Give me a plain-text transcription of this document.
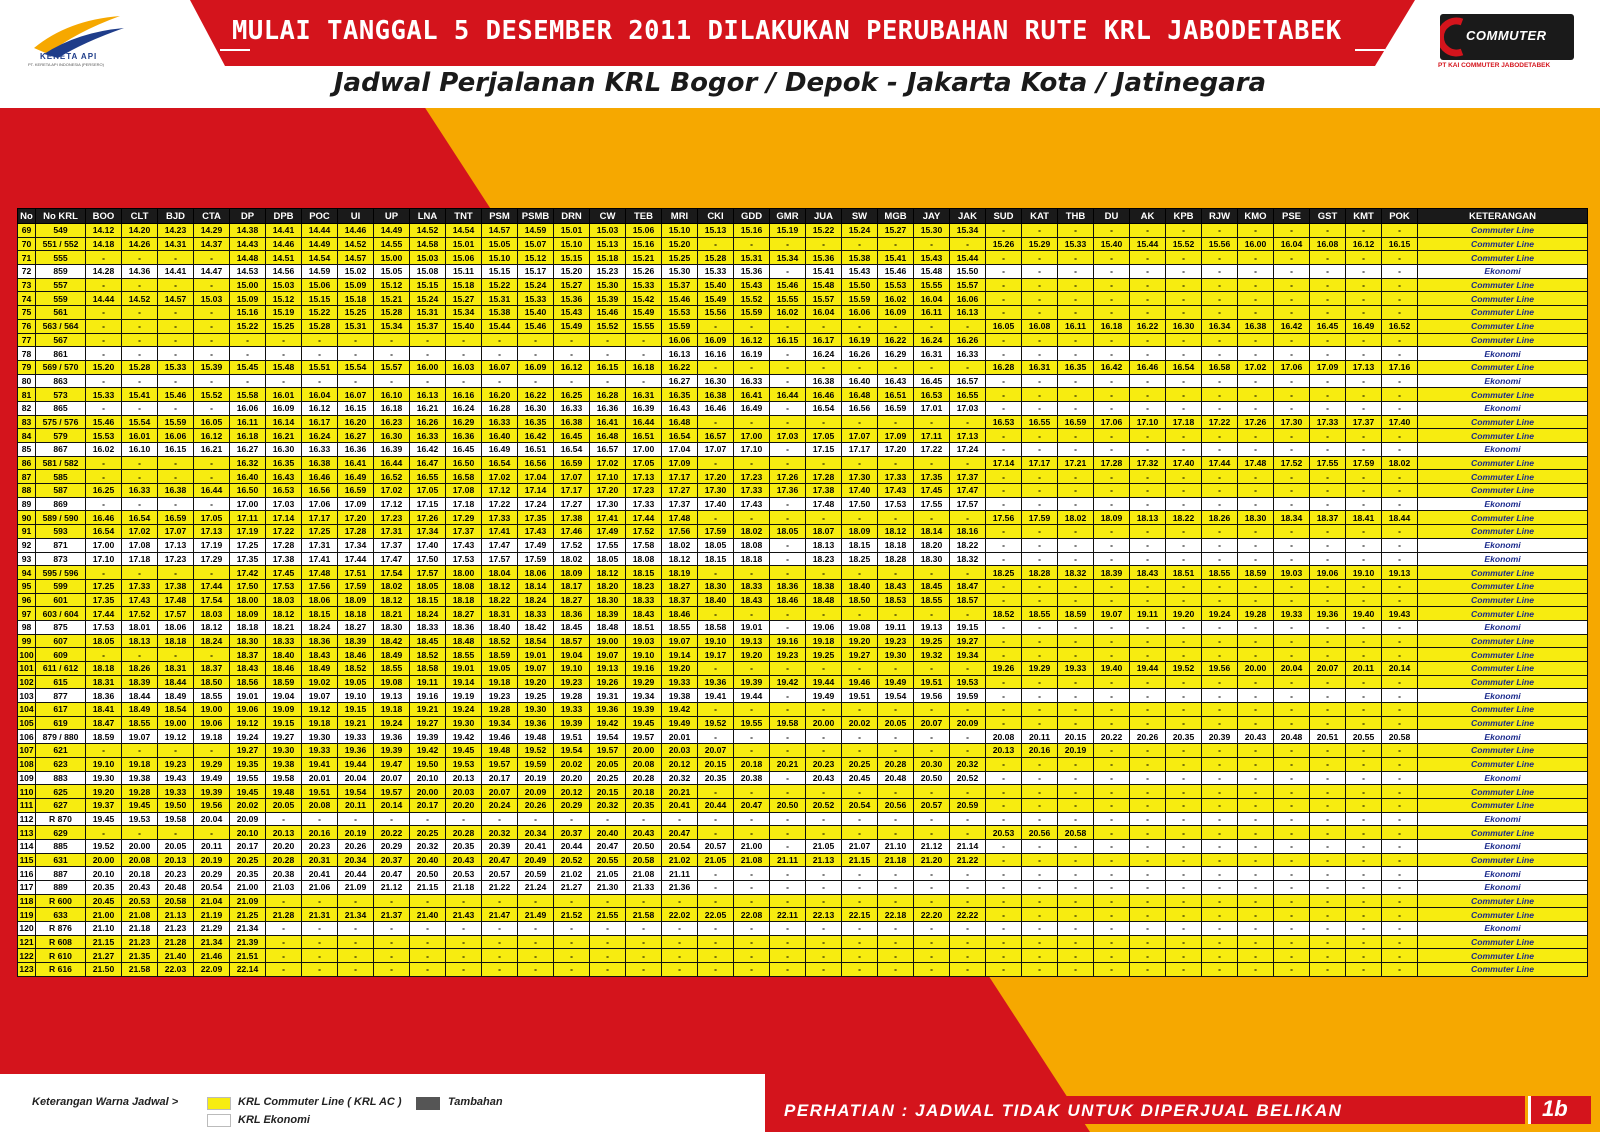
MULAI TANGGAL 5 DESEMBER 2011 DILAKUKAN PERUBAHAN RUTE KRL JABODETABEK
Jadwal Perjalanan KRL Bogor / Depok - Jakarta Kota / Jatinegara
KERETA API
PT. KERETA API INDONESIA (PERSERO)
COMMUTER
PT KAI COMMUTER JABODETABEK
No	No KRL	BOO	CLT	BJD	CTA	DP	DPB	POC	UI	UP	LNA	TNT	PSM	PSMB	DRN	CW	TEB	MRI	CKI	GDD	GMR	JUA	SW	MGB	JAY	JAK	SUD	KAT	THB	DU	AK	KPB	RJW	KMO	PSE	GST	KMT	POK		KETERANGAN
69	549	14.12	14.20	14.23	14.29	14.38	14.41	14.44	14.46	14.49	14.52	14.54	14.57	14.59	15.01	15.03	15.06	15.10	15.13	15.16	15.19	15.22	15.24	15.27	15.30	15.34	-	-	-	-	-	-	-	-	-	-	-	-		Commuter Line
70	551 / 552	14.18	14.26	14.31	14.37	14.43	14.46	14.49	14.52	14.55	14.58	15.01	15.05	15.07	15.10	15.13	15.16	15.20	-	-	-	-	-	-	-	-	15.26	15.29	15.33	15.40	15.44	15.52	15.56	16.00	16.04	16.08	16.12	16.15		Commuter Line
71	555	-	-	-	-	14.48	14.51	14.54	14.57	15.00	15.03	15.06	15.10	15.12	15.15	15.18	15.21	15.25	15.28	15.31	15.34	15.36	15.38	15.41	15.43	15.44	-	-	-	-	-	-	-	-	-	-	-	-		Commuter Line
72	859	14.28	14.36	14.41	14.47	14.53	14.56	14.59	15.02	15.05	15.08	15.11	15.15	15.17	15.20	15.23	15.26	15.30	15.33	15.36	-	15.41	15.43	15.46	15.48	15.50	-	-	-	-	-	-	-	-	-	-	-	-		Ekonomi
73	557	-	-	-	-	15.00	15.03	15.06	15.09	15.12	15.15	15.18	15.22	15.24	15.27	15.30	15.33	15.37	15.40	15.43	15.46	15.48	15.50	15.53	15.55	15.57	-	-	-	-	-	-	-	-	-	-	-	-		Commuter Line
74	559	14.44	14.52	14.57	15.03	15.09	15.12	15.15	15.18	15.21	15.24	15.27	15.31	15.33	15.36	15.39	15.42	15.46	15.49	15.52	15.55	15.57	15.59	16.02	16.04	16.06	-	-	-	-	-	-	-	-	-	-	-	-		Commuter Line
75	561	-	-	-	-	15.16	15.19	15.22	15.25	15.28	15.31	15.34	15.38	15.40	15.43	15.46	15.49	15.53	15.56	15.59	16.02	16.04	16.06	16.09	16.11	16.13	-	-	-	-	-	-	-	-	-	-	-	-		Commuter Line
76	563 / 564	-	-	-	-	15.22	15.25	15.28	15.31	15.34	15.37	15.40	15.44	15.46	15.49	15.52	15.55	15.59	-	-	-	-	-	-	-	-	16.05	16.08	16.11	16.18	16.22	16.30	16.34	16.38	16.42	16.45	16.49	16.52		Commuter Line
77	567	-	-	-	-	-	-	-	-	-	-	-	-	-	-	-	-	16.06	16.09	16.12	16.15	16.17	16.19	16.22	16.24	16.26	-	-	-	-	-	-	-	-	-	-	-	-		Commuter Line
78	861	-	-	-	-	-	-	-	-	-	-	-	-	-	-	-	-	16.13	16.16	16.19	-	16.24	16.26	16.29	16.31	16.33	-	-	-	-	-	-	-	-	-	-	-	-		Ekonomi
79	569 / 570	15.20	15.28	15.33	15.39	15.45	15.48	15.51	15.54	15.57	16.00	16.03	16.07	16.09	16.12	16.15	16.18	16.22	-	-	-	-	-	-	-	-	16.28	16.31	16.35	16.42	16.46	16.54	16.58	17.02	17.06	17.09	17.13	17.16		Commuter Line
80	863	-	-	-	-	-	-	-	-	-	-	-	-	-	-	-	-	16.27	16.30	16.33	-	16.38	16.40	16.43	16.45	16.57	-	-	-	-	-	-	-	-	-	-	-	-		Ekonomi
81	573	15.33	15.41	15.46	15.52	15.58	16.01	16.04	16.07	16.10	16.13	16.16	16.20	16.22	16.25	16.28	16.31	16.35	16.38	16.41	16.44	16.46	16.48	16.51	16.53	16.55	-	-	-	-	-	-	-	-	-	-	-	-		Commuter Line
82	865	-	-	-	-	16.06	16.09	16.12	16.15	16.18	16.21	16.24	16.28	16.30	16.33	16.36	16.39	16.43	16.46	16.49	-	16.54	16.56	16.59	17.01	17.03	-	-	-	-	-	-	-	-	-	-	-	-		Ekonomi
83	575 / 576	15.46	15.54	15.59	16.05	16.11	16.14	16.17	16.20	16.23	16.26	16.29	16.33	16.35	16.38	16.41	16.44	16.48	-	-	-	-	-	-	-	-	16.53	16.55	16.59	17.06	17.10	17.18	17.22	17.26	17.30	17.33	17.37	17.40		Commuter Line
84	579	15.53	16.01	16.06	16.12	16.18	16.21	16.24	16.27	16.30	16.33	16.36	16.40	16.42	16.45	16.48	16.51	16.54	16.57	17.00	17.03	17.05	17.07	17.09	17.11	17.13	-	-	-	-	-	-	-	-	-	-	-	-		Commuter Line
85	867	16.02	16.10	16.15	16.21	16.27	16.30	16.33	16.36	16.39	16.42	16.45	16.49	16.51	16.54	16.57	17.00	17.04	17.07	17.10	-	17.15	17.17	17.20	17.22	17.24	-	-	-	-	-	-	-	-	-	-	-	-		Ekonomi
86	581 / 582	-	-	-	-	16.32	16.35	16.38	16.41	16.44	16.47	16.50	16.54	16.56	16.59	17.02	17.05	17.09	-	-	-	-	-	-	-	-	17.14	17.17	17.21	17.28	17.32	17.40	17.44	17.48	17.52	17.55	17.59	18.02		Commuter Line
87	585	-	-	-	-	16.40	16.43	16.46	16.49	16.52	16.55	16.58	17.02	17.04	17.07	17.10	17.13	17.17	17.20	17.23	17.26	17.28	17.30	17.33	17.35	17.37	-	-	-	-	-	-	-	-	-	-	-	-		Commuter Line
88	587	16.25	16.33	16.38	16.44	16.50	16.53	16.56	16.59	17.02	17.05	17.08	17.12	17.14	17.17	17.20	17.23	17.27	17.30	17.33	17.36	17.38	17.40	17.43	17.45	17.47	-	-	-	-	-	-	-	-	-	-	-	-		Commuter Line
89	869	-	-	-	-	17.00	17.03	17.06	17.09	17.12	17.15	17.18	17.22	17.24	17.27	17.30	17.33	17.37	17.40	17.43	-	17.48	17.50	17.53	17.55	17.57	-	-	-	-	-	-	-	-	-	-	-	-		Ekonomi
90	589 / 590	16.46	16.54	16.59	17.05	17.11	17.14	17.17	17.20	17.23	17.26	17.29	17.33	17.35	17.38	17.41	17.44	17.48	-	-	-	-	-	-	-	-	17.56	17.59	18.02	18.09	18.13	18.22	18.26	18.30	18.34	18.37	18.41	18.44		Commuter Line
91	593	16.54	17.02	17.07	17.13	17.19	17.22	17.25	17.28	17.31	17.34	17.37	17.41	17.43	17.46	17.49	17.52	17.56	17.59	18.02	18.05	18.07	18.09	18.12	18.14	18.16	-	-	-	-	-	-	-	-	-	-	-	-		Commuter Line
92	871	17.00	17.08	17.13	17.19	17.25	17.28	17.31	17.34	17.37	17.40	17.43	17.47	17.49	17.52	17.55	17.58	18.02	18.05	18.08	-	18.13	18.15	18.18	18.20	18.22	-	-	-	-	-	-	-	-	-	-	-	-		Ekonomi
93	873	17.10	17.18	17.23	17.29	17.35	17.38	17.41	17.44	17.47	17.50	17.53	17.57	17.59	18.02	18.05	18.08	18.12	18.15	18.18	-	18.23	18.25	18.28	18.30	18.32	-	-	-	-	-	-	-	-	-	-	-	-		Ekonomi
94	595 / 596	-	-	-	-	17.42	17.45	17.48	17.51	17.54	17.57	18.00	18.04	18.06	18.09	18.12	18.15	18.19	-	-	-	-	-	-	-	-	18.25	18.28	18.32	18.39	18.43	18.51	18.55	18.59	19.03	19.06	19.10	19.13		Commuter Line
95	599	17.25	17.33	17.38	17.44	17.50	17.53	17.56	17.59	18.02	18.05	18.08	18.12	18.14	18.17	18.20	18.23	18.27	18.30	18.33	18.36	18.38	18.40	18.43	18.45	18.47	-	-	-	-	-	-	-	-	-	-	-	-		Commuter Line
96	601	17.35	17.43	17.48	17.54	18.00	18.03	18.06	18.09	18.12	18.15	18.18	18.22	18.24	18.27	18.30	18.33	18.37	18.40	18.43	18.46	18.48	18.50	18.53	18.55	18.57	-	-	-	-	-	-	-	-	-	-	-	-		Commuter Line
97	603 / 604	17.44	17.52	17.57	18.03	18.09	18.12	18.15	18.18	18.21	18.24	18.27	18.31	18.33	18.36	18.39	18.43	18.46	-	-	-	-	-	-	-	-	18.52	18.55	18.59	19.07	19.11	19.20	19.24	19.28	19.33	19.36	19.40	19.43		Commuter Line
98	875	17.53	18.01	18.06	18.12	18.18	18.21	18.24	18.27	18.30	18.33	18.36	18.40	18.42	18.45	18.48	18.51	18.55	18.58	19.01	-	19.06	19.08	19.11	19.13	19.15	-	-	-	-	-	-	-	-	-	-	-	-		Ekonomi
99	607	18.05	18.13	18.18	18.24	18.30	18.33	18.36	18.39	18.42	18.45	18.48	18.52	18.54	18.57	19.00	19.03	19.07	19.10	19.13	19.16	19.18	19.20	19.23	19.25	19.27	-	-	-	-	-	-	-	-	-	-	-	-		Commuter Line
100	609	-	-	-	-	18.37	18.40	18.43	18.46	18.49	18.52	18.55	18.59	19.01	19.04	19.07	19.10	19.14	19.17	19.20	19.23	19.25	19.27	19.30	19.32	19.34	-	-	-	-	-	-	-	-	-	-	-	-		Commuter Line
101	611 / 612	18.18	18.26	18.31	18.37	18.43	18.46	18.49	18.52	18.55	18.58	19.01	19.05	19.07	19.10	19.13	19.16	19.20	-	-	-	-	-	-	-	-	19.26	19.29	19.33	19.40	19.44	19.52	19.56	20.00	20.04	20.07	20.11	20.14		Commuter Line
102	615	18.31	18.39	18.44	18.50	18.56	18.59	19.02	19.05	19.08	19.11	19.14	19.18	19.20	19.23	19.26	19.29	19.33	19.36	19.39	19.42	19.44	19.46	19.49	19.51	19.53	-	-	-	-	-	-	-	-	-	-	-	-		Commuter Line
103	877	18.36	18.44	18.49	18.55	19.01	19.04	19.07	19.10	19.13	19.16	19.19	19.23	19.25	19.28	19.31	19.34	19.38	19.41	19.44	-	19.49	19.51	19.54	19.56	19.59	-	-	-	-	-	-	-	-	-	-	-	-		Ekonomi
104	617	18.41	18.49	18.54	19.00	19.06	19.09	19.12	19.15	19.18	19.21	19.24	19.28	19.30	19.33	19.36	19.39	19.42	-	-	-	-	-	-	-	-	-	-	-	-	-	-	-	-	-	-	-	-		Commuter Line
105	619	18.47	18.55	19.00	19.06	19.12	19.15	19.18	19.21	19.24	19.27	19.30	19.34	19.36	19.39	19.42	19.45	19.49	19.52	19.55	19.58	20.00	20.02	20.05	20.07	20.09	-	-	-	-	-	-	-	-	-	-	-	-		Commuter Line
106	879 / 880	18.59	19.07	19.12	19.18	19.24	19.27	19.30	19.33	19.36	19.39	19.42	19.46	19.48	19.51	19.54	19.57	20.01	-	-	-	-	-	-	-	-	20.08	20.11	20.15	20.22	20.26	20.35	20.39	20.43	20.48	20.51	20.55	20.58		Ekonomi
107	621	-	-	-	-	19.27	19.30	19.33	19.36	19.39	19.42	19.45	19.48	19.52	19.54	19.57	20.00	20.03	20.07	-	-	-	-	-	-	-	20.13	20.16	20.19	-	-	-	-	-	-	-	-	-		Commuter Line
108	623	19.10	19.18	19.23	19.29	19.35	19.38	19.41	19.44	19.47	19.50	19.53	19.57	19.59	20.02	20.05	20.08	20.12	20.15	20.18	20.21	20.23	20.25	20.28	20.30	20.32	-	-	-	-	-	-	-	-	-	-	-	-		Commuter Line
109	883	19.30	19.38	19.43	19.49	19.55	19.58	20.01	20.04	20.07	20.10	20.13	20.17	20.19	20.20	20.25	20.28	20.32	20.35	20.38	-	20.43	20.45	20.48	20.50	20.52	-	-	-	-	-	-	-	-	-	-	-	-		Ekonomi
110	625	19.20	19.28	19.33	19.39	19.45	19.48	19.51	19.54	19.57	20.00	20.03	20.07	20.09	20.12	20.15	20.18	20.21	-	-	-	-	-	-	-	-	-	-	-	-	-	-	-	-	-	-	-	-		Commuter Line
111	627	19.37	19.45	19.50	19.56	20.02	20.05	20.08	20.11	20.14	20.17	20.20	20.24	20.26	20.29	20.32	20.35	20.41	20.44	20.47	20.50	20.52	20.54	20.56	20.57	20.59	-	-	-	-	-	-	-	-	-	-	-	-		Commuter Line
112	R 870	19.45	19.53	19.58	20.04	20.09	-	-	-	-	-	-	-	-	-	-	-	-	-	-	-	-	-	-	-	-	-	-	-	-	-	-	-	-	-	-	-	-		Ekonomi
113	629	-	-	-	-	20.10	20.13	20.16	20.19	20.22	20.25	20.28	20.32	20.34	20.37	20.40	20.43	20.47	-	-	-	-	-	-	-	-	20.53	20.56	20.58	-	-	-	-	-	-	-	-	-		Commuter Line
114	885	19.52	20.00	20.05	20.11	20.17	20.20	20.23	20.26	20.29	20.32	20.35	20.39	20.41	20.44	20.47	20.50	20.54	20.57	21.00	-	21.05	21.07	21.10	21.12	21.14	-	-	-	-	-	-	-	-	-	-	-	-		Ekonomi
115	631	20.00	20.08	20.13	20.19	20.25	20.28	20.31	20.34	20.37	20.40	20.43	20.47	20.49	20.52	20.55	20.58	21.02	21.05	21.08	21.11	21.13	21.15	21.18	21.20	21.22	-	-	-	-	-	-	-	-	-	-	-	-		Commuter Line
116	887	20.10	20.18	20.23	20.29	20.35	20.38	20.41	20.44	20.47	20.50	20.53	20.57	20.59	21.02	21.05	21.08	21.11	-	-	-	-	-	-	-	-	-	-	-	-	-	-	-	-	-	-	-	-		Ekonomi
117	889	20.35	20.43	20.48	20.54	21.00	21.03	21.06	21.09	21.12	21.15	21.18	21.22	21.24	21.27	21.30	21.33	21.36	-	-	-	-	-	-	-	-	-	-	-	-	-	-	-	-	-	-	-	-		Ekonomi
118	R 600	20.45	20.53	20.58	21.04	21.09	-	-	-	-	-	-	-	-	-	-	-	-	-	-	-	-	-	-	-	-	-	-	-	-	-	-	-	-	-	-	-	-		Commuter Line
119	633	21.00	21.08	21.13	21.19	21.25	21.28	21.31	21.34	21.37	21.40	21.43	21.47	21.49	21.52	21.55	21.58	22.02	22.05	22.08	22.11	22.13	22.15	22.18	22.20	22.22	-	-	-	-	-	-	-	-	-	-	-	-		Commuter Line
120	R 876	21.10	21.18	21.23	21.29	21.34	-	-	-	-	-	-	-	-	-	-	-	-	-	-	-	-	-	-	-	-	-	-	-	-	-	-	-	-	-	-	-	-		Ekonomi
121	R 608	21.15	21.23	21.28	21.34	21.39	-	-	-	-	-	-	-	-	-	-	-	-	-	-	-	-	-	-	-	-	-	-	-	-	-	-	-	-	-	-	-	-		Commuter Line
122	R 610	21.27	21.35	21.40	21.46	21.51	-	-	-	-	-	-	-	-	-	-	-	-	-	-	-	-	-	-	-	-	-	-	-	-	-	-	-	-	-	-	-	-		Commuter Line
123	R 616	21.50	21.58	22.03	22.09	22.14	-	-	-	-	-	-	-	-	-	-	-	-	-	-	-	-	-	-	-	-	-	-	-	-	-	-	-	-	-	-	-	-		Commuter Line
Keterangan Warna Jadwal >	KRL Commuter Line ( KRL AC )
KRL Ekonomi
Tambahan	PERHATIAN : JADWAL TIDAK UNTUK DIPERJUAL BELIKAN	1b
